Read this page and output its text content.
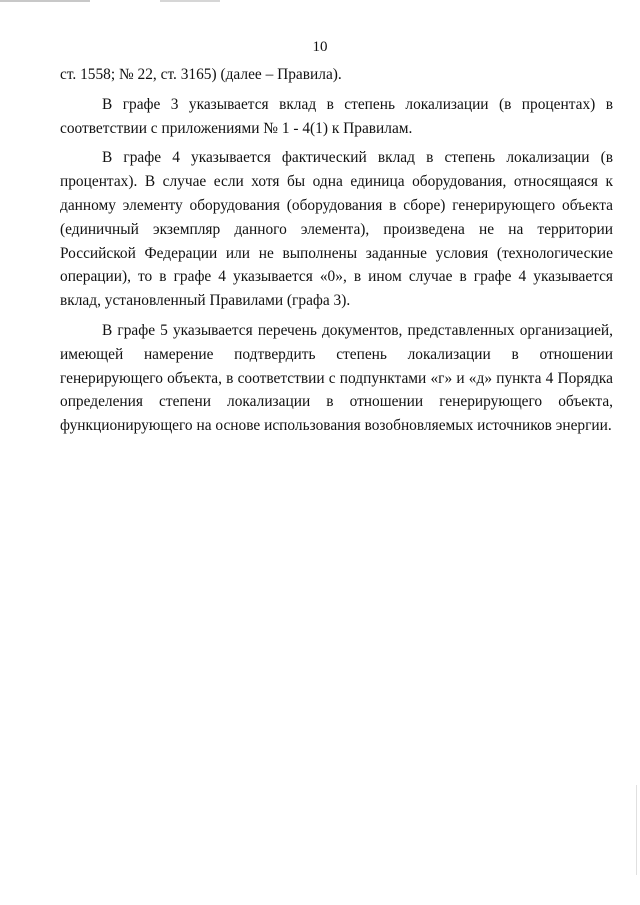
10

ст. 1558; № 22, ст. 3165) (далее – Правила).

В графе 3 указывается вклад в степень локализации (в процентах) в соответствии с приложениями № 1 - 4(1) к Правилам.

В графе 4 указывается фактический вклад в степень локализации (в процентах). В случае если хотя бы одна единица оборудования, относящаяся к данному элементу оборудования (оборудования в сборе) генерирующего объекта (единичный экземпляр данного элемента), произведена не на территории Российской Федерации или не выполнены заданные условия (технологические операции), то в графе 4 указывается «0», в ином случае в графе 4 указывается вклад, установленный Правилами (графа 3).

В графе 5 указывается перечень документов, представленных организацией, имеющей намерение подтвердить степень локализации в отношении генерирующего объекта, в соответствии с подпунктами «г» и «д» пункта 4 Порядка определения степени локализации в отношении генерирующего объекта, функционирующего на основе использования возобновляемых источников энергии.
